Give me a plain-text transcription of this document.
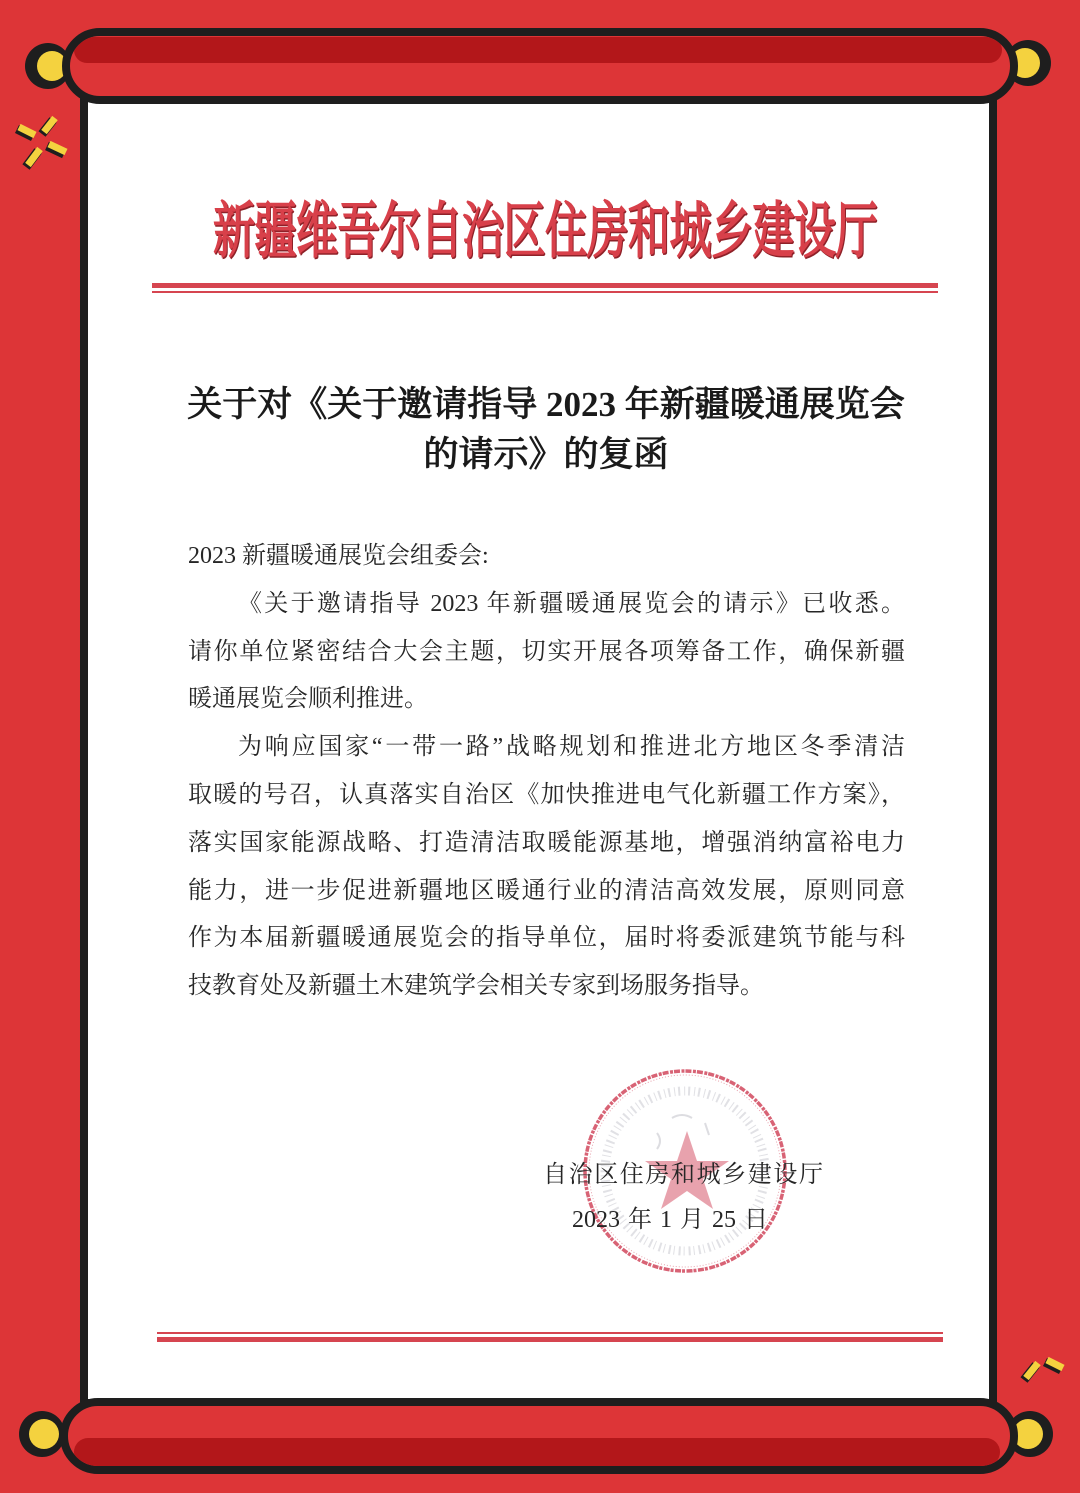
新疆维吾尔自治区住房和城乡建设厅
关于对《关于邀请指导 2023 年新疆暖通展览会
的请示》的复函
2023 新疆暖通展览会组委会:
《关于邀请指导 2023 年新疆暖通展览会的请示》已收悉。
请你单位紧密结合大会主题，切实开展各项筹备工作，确保新疆
暖通展览会顺利推进。
为响应国家“一带一路”战略规划和推进北方地区冬季清洁
取暖的号召，认真落实自治区《加快推进电气化新疆工作方案》，
落实国家能源战略、打造清洁取暖能源基地，增强消纳富裕电力
能力，进一步促进新疆地区暖通行业的清洁高效发展，原则同意
作为本届新疆暖通展览会的指导单位，届时将委派建筑节能与科
技教育处及新疆土木建筑学会相关专家到场服务指导。
自治区住房和城乡建设厅
2023 年 1 月 25 日
